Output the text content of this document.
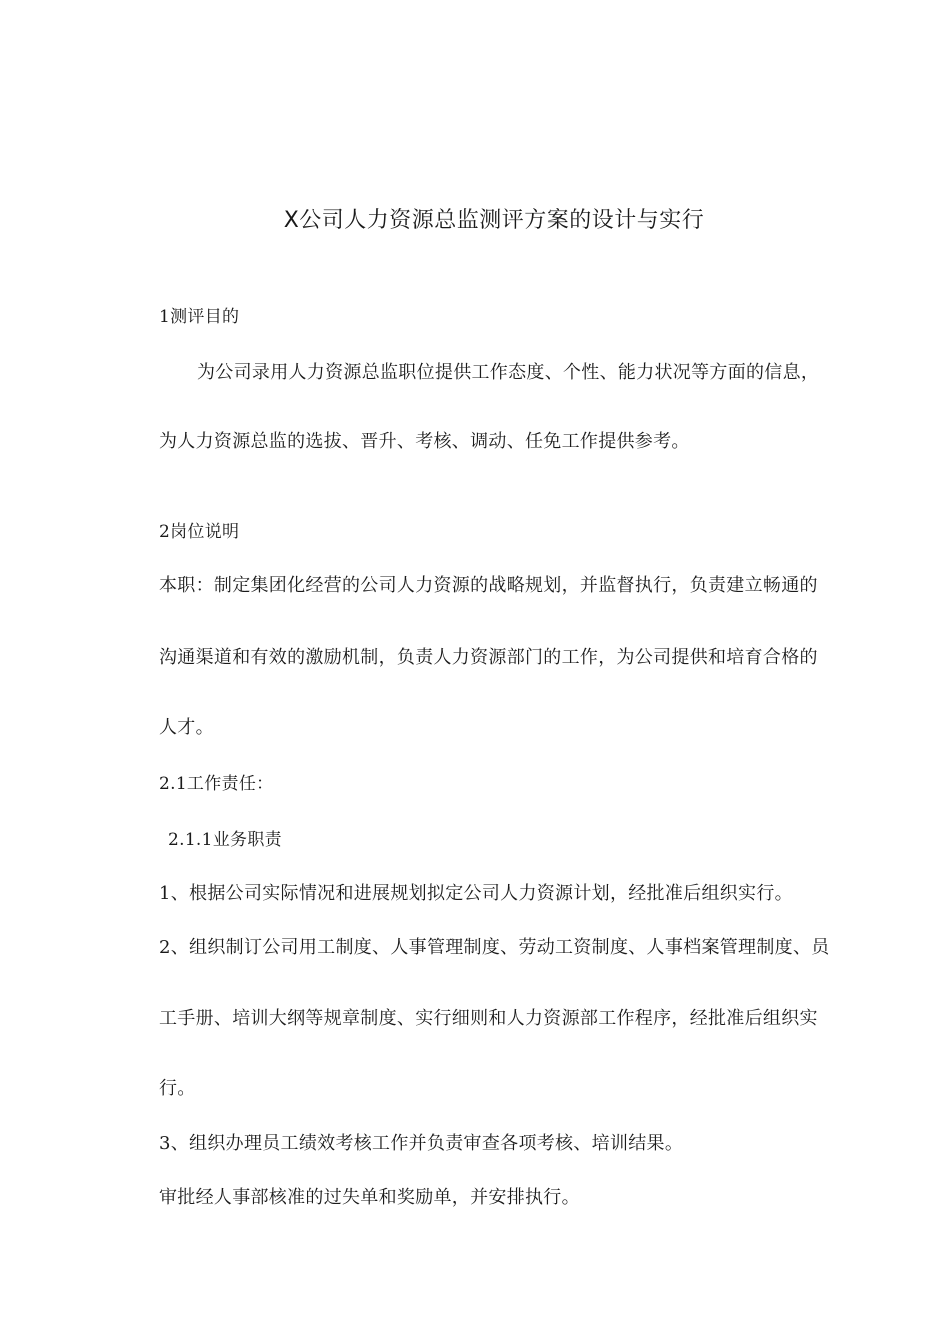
X公司人力资源总监测评方案的设计与实行
1测评目的
为公司录用人力资源总监职位提供工作态度、个性、能力状况等方面的信息，
为人力资源总监的选拔、晋升、考核、调动、任免工作提供参考。
2岗位说明
本职：制定集团化经营的公司人力资源的战略规划，并监督执行，负责建立畅通的
沟通渠道和有效的激励机制，负责人力资源部门的工作，为公司提供和培育合格的
人才。
2.1工作责任：
2.1.1业务职责
1、根据公司实际情况和进展规划拟定公司人力资源计划，经批准后组织实行。
2、组织制订公司用工制度、人事管理制度、劳动工资制度、人事档案管理制度、员
工手册、培训大纲等规章制度、实行细则和人力资源部工作程序，经批准后组织实
行。
3、组织办理员工绩效考核工作并负责审查各项考核、培训结果。
审批经人事部核准的过失单和奖励单，并安排执行。
